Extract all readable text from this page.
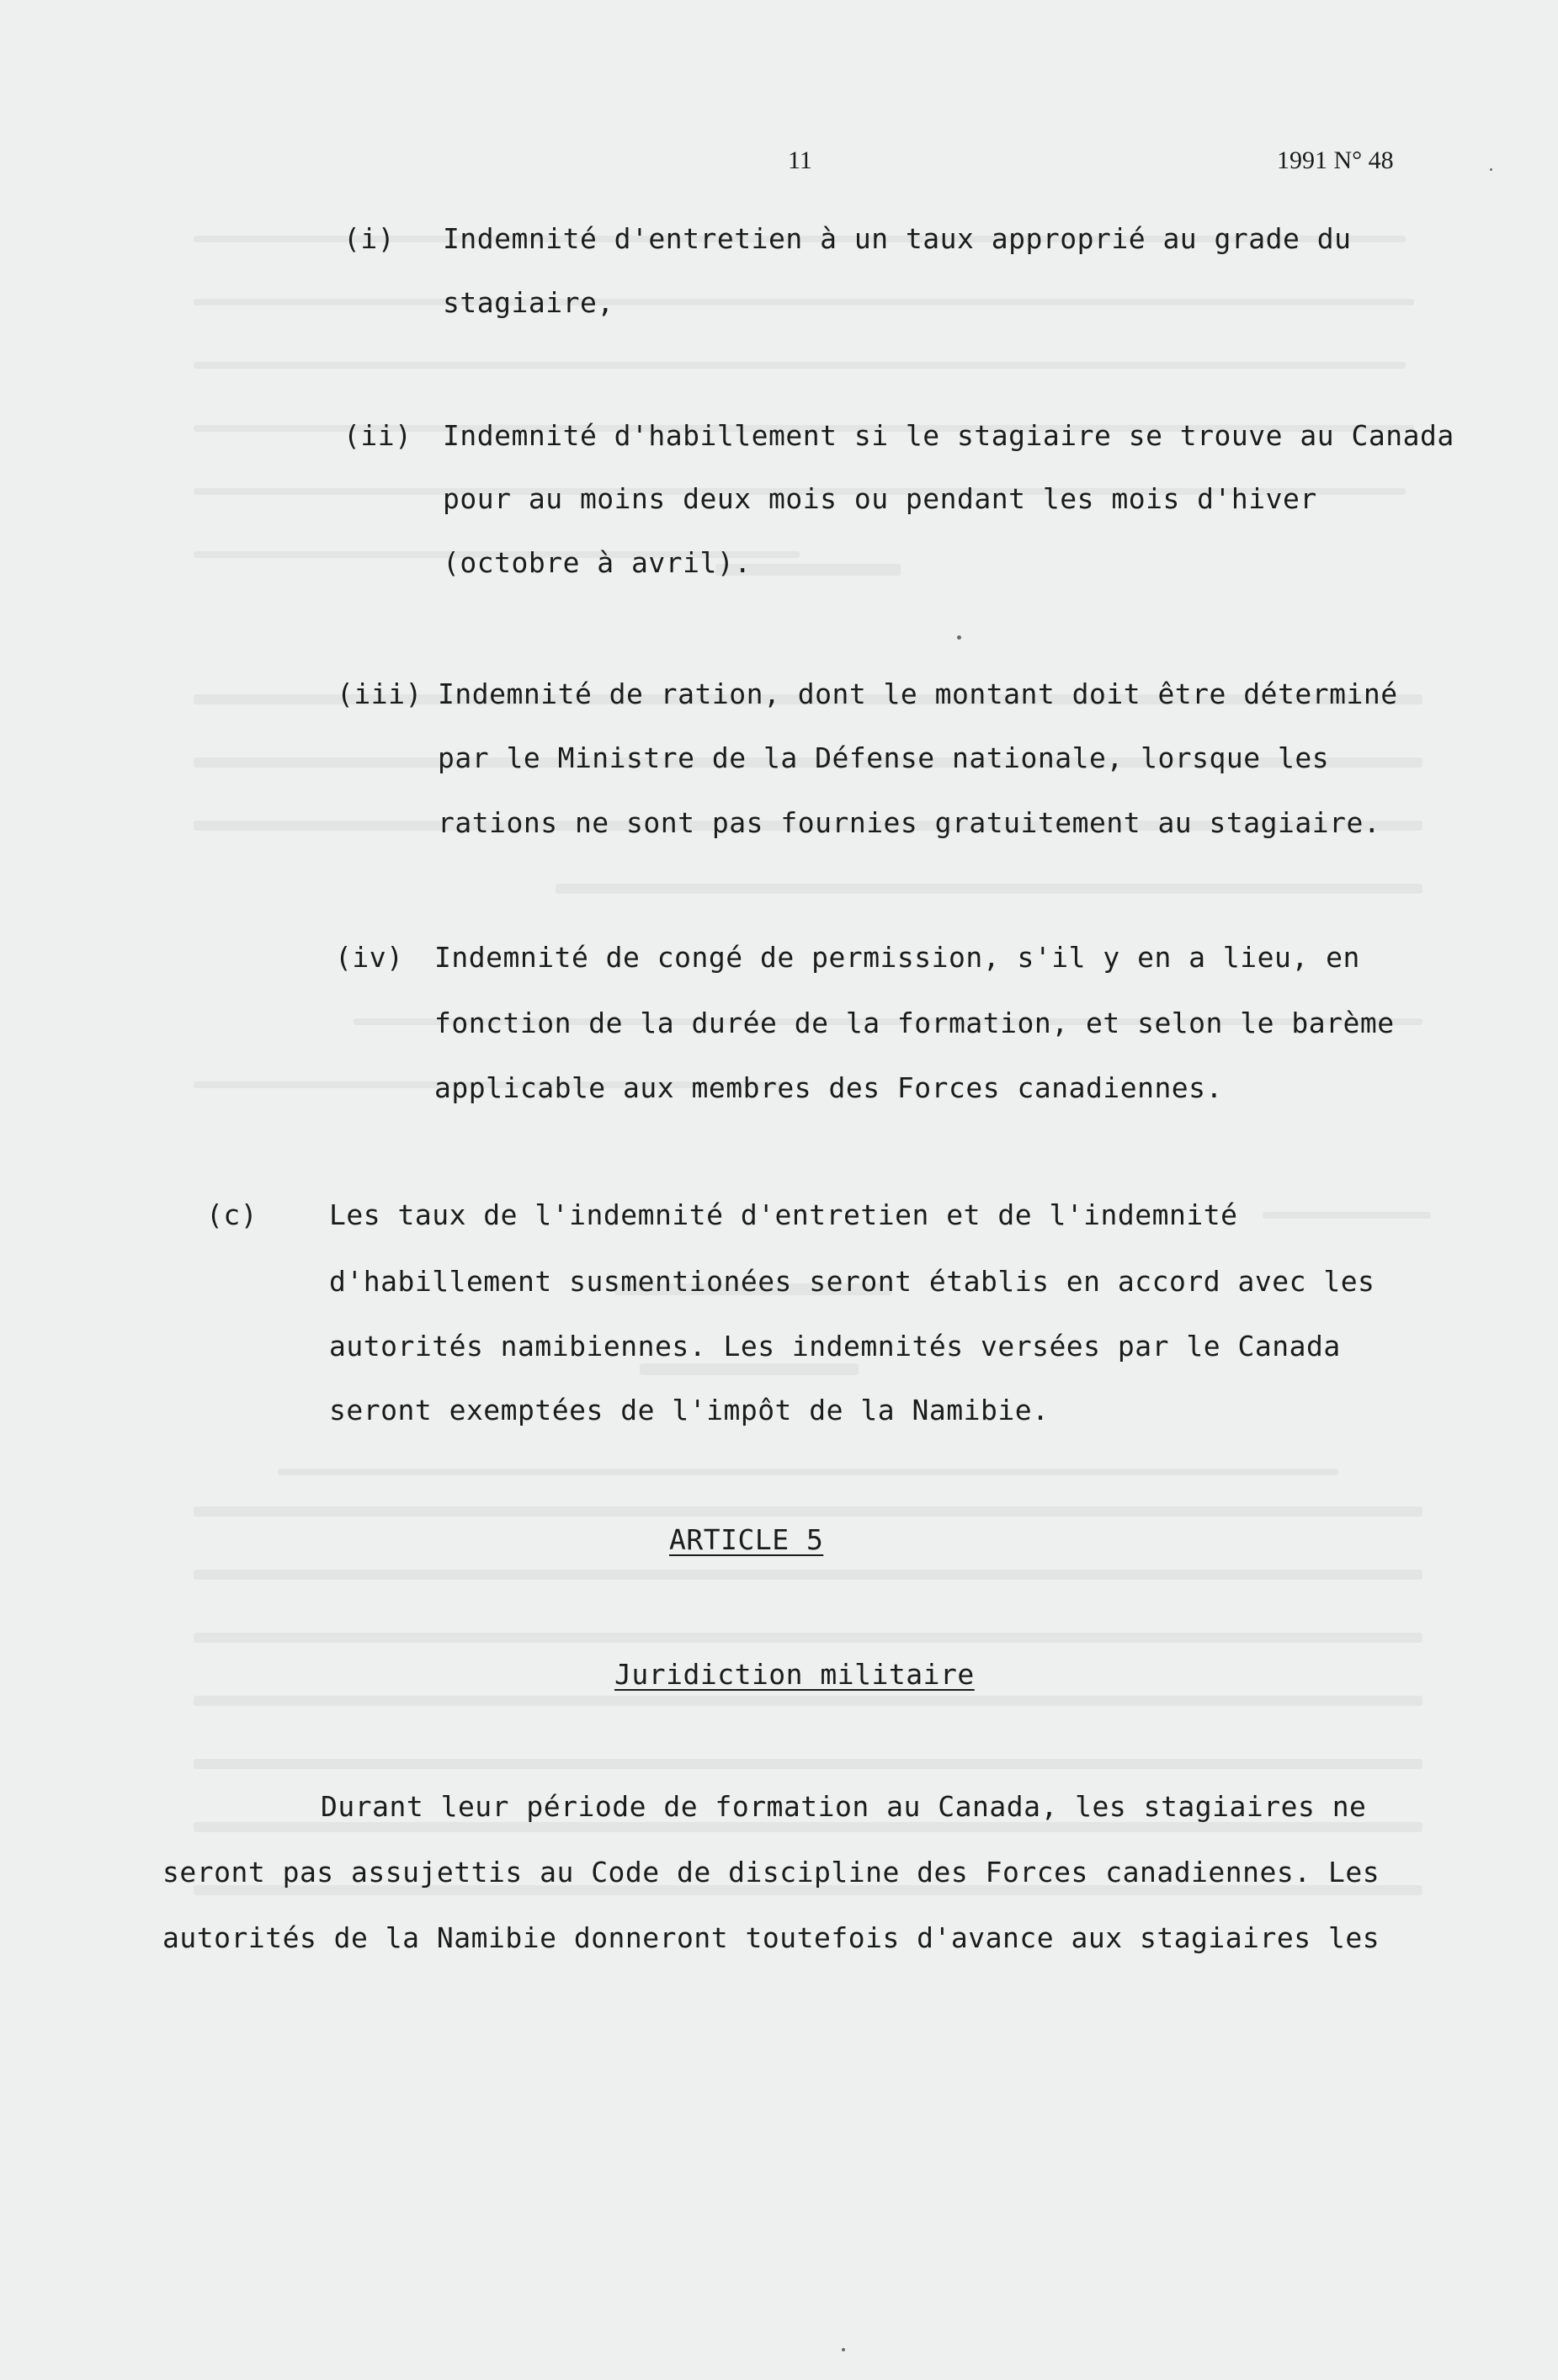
11	1991 N° 48
(i) Indemnité d'entretien à un taux approprié au grade du
stagiaire,
(ii) Indemnité d'habillement si le stagiaire se trouve au Canada
pour au moins deux mois ou pendant les mois d'hiver
(octobre à avril).
(iii) Indemnité de ration, dont le montant doit être déterminé
par le Ministre de la Défense nationale, lorsque les
rations ne sont pas fournies gratuitement au stagiaire.
(iv) Indemnité de congé de permission, s'il y en a lieu, en
fonction de la durée de la formation, et selon le barème
applicable aux membres des Forces canadiennes.
(c)	Les taux de l'indemnité d'entretien et de l'indemnité
d'habillement susmentionées seront établis en accord avec les
autorités namibiennes. Les indemnités versées par le Canada
seront exemptées de l'impôt de la Namibie.
ARTICLE 5
Juridiction militaire
Durant leur période de formation au Canada, les stagiaires ne
seront pas assujettis au Code de discipline des Forces canadiennes. Les
autorités de la Namibie donneront toutefois d'avance aux stagiaires les
